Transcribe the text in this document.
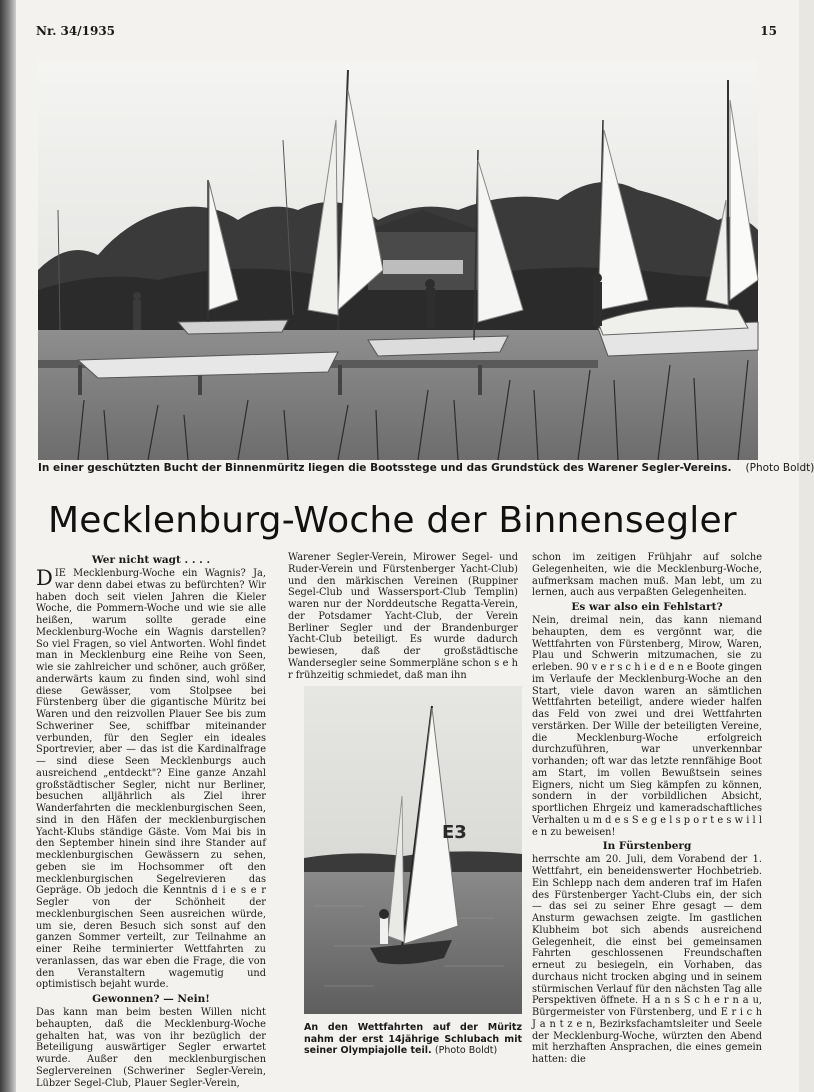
Nr. 34/1935	15
In einer geschützten Bucht der Binnenmüritz liegen die Bootsstege und das Grundstück des Warener Segler-Vereins. (Photo Boldt)
Mecklenburg-Woche der Binnensegler
Wer nicht wagt . . . .

DIE Mecklenburg-Woche ein Wagnis? Ja, war denn dabei etwas zu befürchten? Wir haben doch seit vielen Jahren die Kieler Woche, die Pommern-Woche und wie sie alle heißen, warum sollte gerade eine Mecklenburg-Woche ein Wagnis darstellen? So viel Fragen, so viel Antworten. Wohl findet man in Mecklenburg eine Reihe von Seen, wie sie zahlreicher und schöner, auch größer, anderwärts kaum zu finden sind, wohl sind diese Gewässer, vom Stolpsee bei Fürstenberg über die gigantische Müritz bei Waren und den reizvollen Plauer See bis zum Schweriner See, schiffbar miteinander verbunden, für den Segler ein ideales Sportrevier, aber — das ist die Kardinalfrage — sind diese Seen Mecklenburgs auch ausreichend „entdeckt"? Eine ganze Anzahl großstädtischer Segler, nicht nur Berliner, besuchen alljährlich als Ziel ihrer Wanderfahrten die mecklenburgischen Seen, sind in den Häfen der mecklenburgischen Yacht-Klubs ständige Gäste. Vom Mai bis in den September hinein sind ihre Stander auf mecklenburgischen Gewässern zu sehen, geben sie im Hochsommer oft den mecklenburgischen Segelrevieren das Gepräge. Ob jedoch die Kenntnis d i e s e r Segler von der Schönheit der mecklenburgischen Seen ausreichen würde, um sie, deren Besuch sich sonst auf den ganzen Sommer verteilt, zur Teilnahme an einer Reihe terminierter Wettfahrten zu veranlassen, das war eben die Frage, die von den Veranstaltern wagemutig und optimistisch bejaht wurde.

Gewonnen? — Nein!

Das kann man beim besten Willen nicht behaupten, daß die Mecklenburg-Woche gehalten hat, was von ihr bezüglich der Beteiligung auswärtiger Segler erwartet wurde. Außer den mecklenburgischen Seglervereinen (Schweriner Segler-Verein, Lübzer Segel-Club, Plauer Segler-Verein,

Warener Segler-Verein, Mirower Segel- und Ruder-Verein und Fürstenberger Yacht-Club) und den märkischen Vereinen (Ruppiner Segel-Club und Wassersport-Club Templin) waren nur der Norddeutsche Regatta-Verein, der Potsdamer Yacht-Club, der Verein Berliner Segler und der Brandenburger Yacht-Club beteiligt. Es wurde dadurch bewiesen, daß der großstädtische Wandersegler seine Sommerpläne schon s e h r frühzeitig schmiedet, daß man ihn

E3
An den Wettfahrten auf der Müritz nahm der erst 14jährige Schlubach mit seiner Olympiajolle teil. (Photo Boldt)

schon im zeitigen Frühjahr auf solche Gelegenheiten, wie die Mecklenburg-Woche, aufmerksam machen muß. Man lebt, um zu lernen, auch aus verpaßten Gelegenheiten.

Es war also ein Fehlstart?

Nein, dreimal nein, das kann niemand behaupten, dem es vergönnt war, die Wettfahrten von Fürstenberg, Mirow, Waren, Plau und Schwerin mitzumachen, sie zu erleben. 90 v e r s c h i e d e n e Boote gingen im Verlaufe der Mecklenburg-Woche an den Start, viele davon waren an sämtlichen Wettfahrten beteiligt, andere wieder halfen das Feld von zwei und drei Wettfahrten verstärken. Der Wille der beteiligten Vereine, die Mecklenburg-Woche erfolgreich durchzuführen, war unverkennbar vorhanden; oft war das letzte rennfähige Boot am Start, im vollen Bewußtsein seines Eigners, nicht um Sieg kämpfen zu können, sondern in der vorbildlichen Absicht, sportlichen Ehrgeiz und kameradschaftliches Verhalten u m d e s S e g e l s p o r t e s w i l l e n zu beweisen!

In Fürstenberg

herrschte am 20. Juli, dem Vorabend der 1. Wettfahrt, ein beneidenswerter Hochbetrieb. Ein Schlepp nach dem anderen traf im Hafen des Fürstenberger Yacht-Clubs ein, der sich — das sei zu seiner Ehre gesagt — dem Ansturm gewachsen zeigte. Im gastlichen Klubheim bot sich abends ausreichend Gelegenheit, die einst bei gemeinsamen Fahrten geschlossenen Freundschaften erneut zu besiegeln, ein Vorhaben, das durchaus nicht trocken abging und in seinem stürmischen Verlauf für den nächsten Tag alle Perspektiven öffnete. H a n s S c h e r n a u, Bürgermeister von Fürstenberg, und E r i c h J a n t z e n, Bezirksfachamtsleiter und Seele der Mecklenburg-Woche, würzten den Abend mit herzhaften Ansprachen, die eines gemein hatten: die
